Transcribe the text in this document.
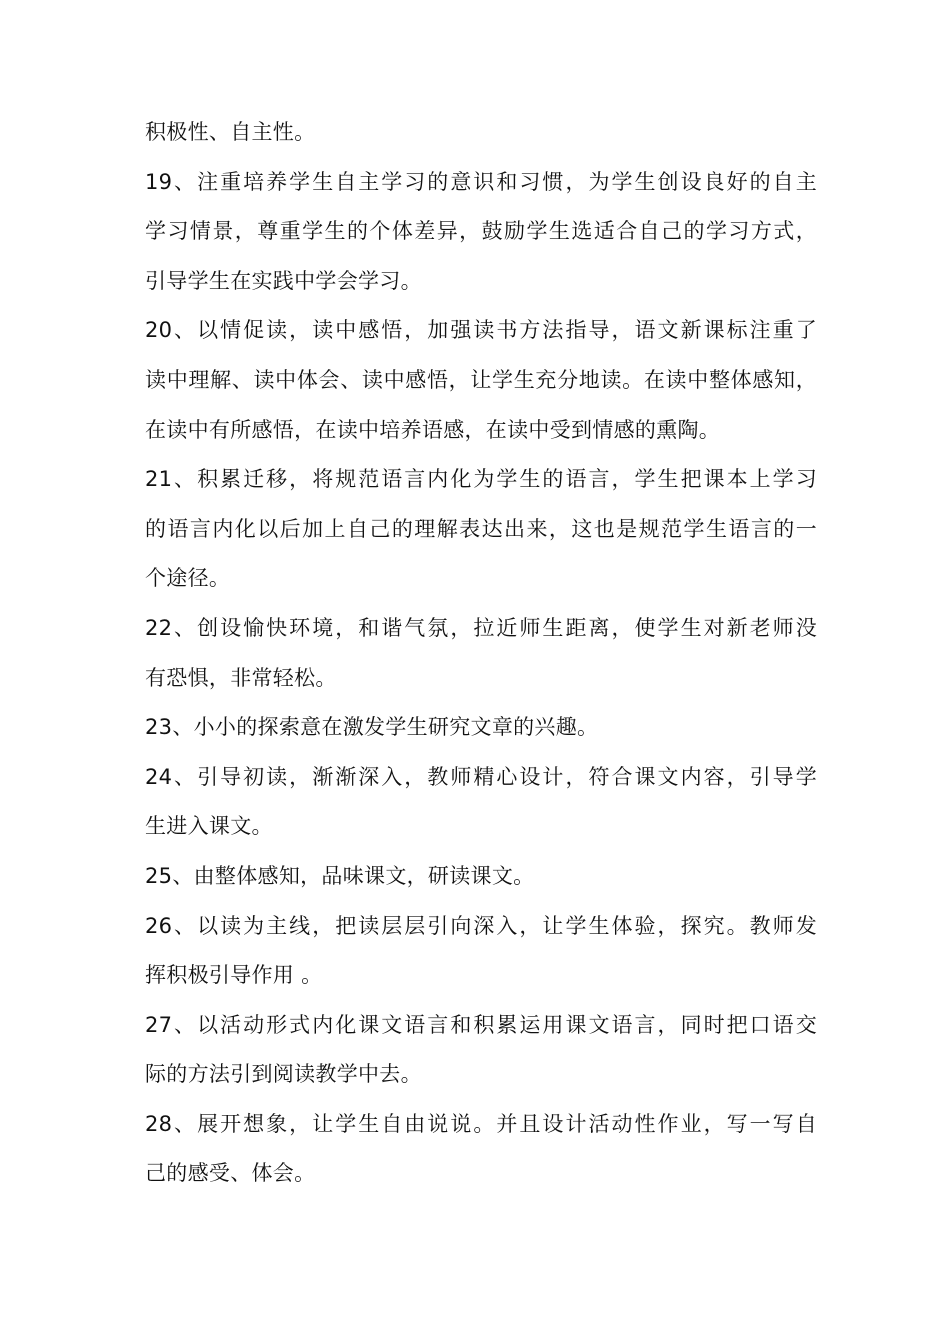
积极性、自主性。
19、注重培养学生自主学习的意识和习惯，为学生创设良好的自主
学习情景，尊重学生的个体差异，鼓励学生选适合自己的学习方式，
引导学生在实践中学会学习。
20、以情促读，读中感悟，加强读书方法指导，语文新课标注重了
读中理解、读中体会、读中感悟，让学生充分地读。在读中整体感知，
在读中有所感悟，在读中培养语感，在读中受到情感的熏陶。
21、积累迁移，将规范语言内化为学生的语言，学生把课本上学习
的语言内化以后加上自己的理解表达出来，这也是规范学生语言的一
个途径。
22、创设愉快环境，和谐气氛，拉近师生距离，使学生对新老师没
有恐惧，非常轻松。
23、小小的探索意在激发学生研究文章的兴趣。
24、引导初读，渐渐深入，教师精心设计，符合课文内容，引导学
生进入课文。
25、由整体感知，品味课文，研读课文。
26、以读为主线，把读层层引向深入，让学生体验，探究。教师发
挥积极引导作用 。
27、以活动形式内化课文语言和积累运用课文语言，同时把口语交
际的方法引到阅读教学中去。
28、展开想象，让学生自由说说。并且设计活动性作业，写一写自
己的感受、体会。
